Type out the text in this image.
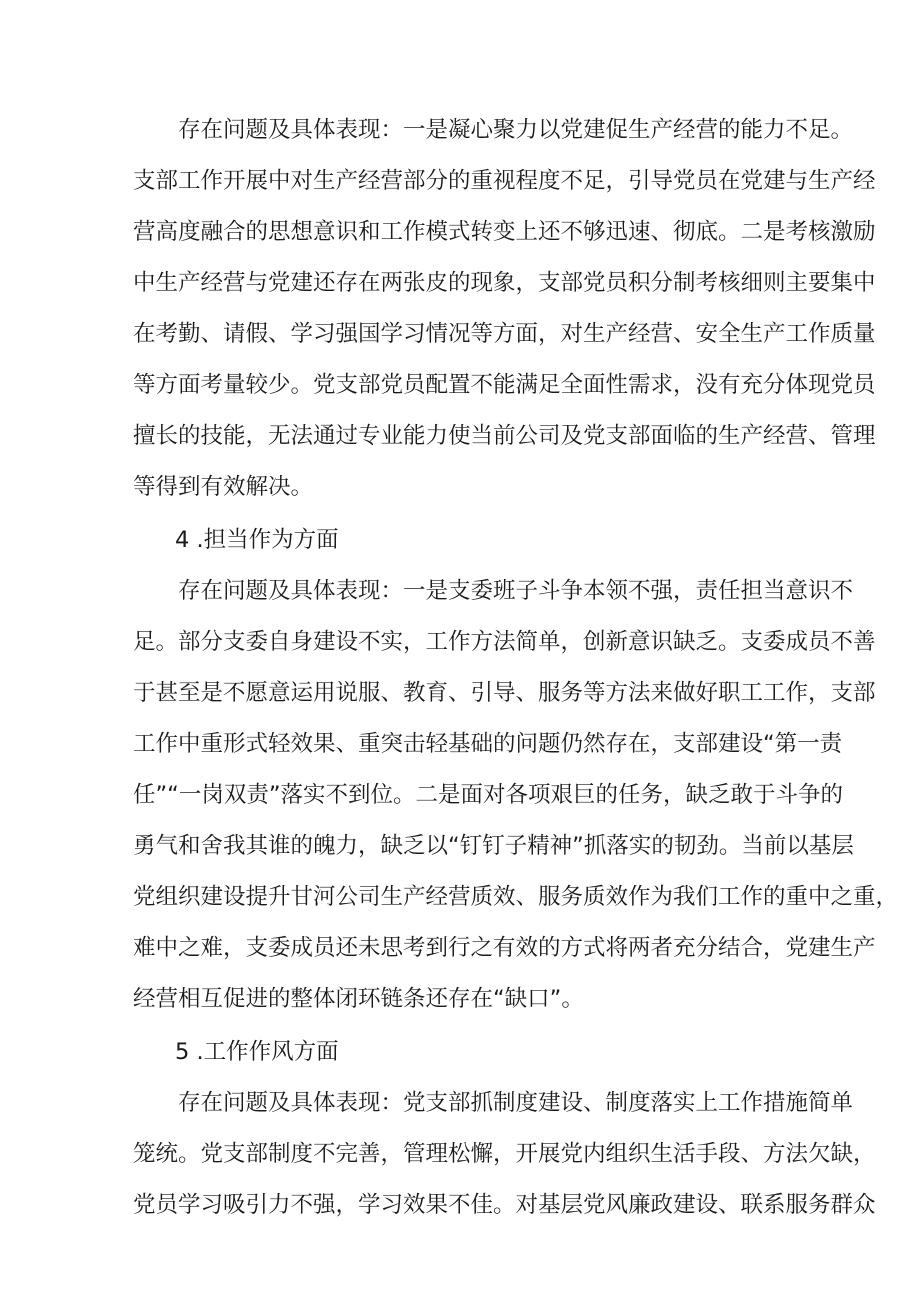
存在问题及具体表现：一是凝心聚力以党建促生产经营的能力不足。
支部工作开展中对生产经营部分的重视程度不足，引导党员在党建与生产经
营高度融合的思想意识和工作模式转变上还不够迅速、彻底。二是考核激励
中生产经营与党建还存在两张皮的现象，支部党员积分制考核细则主要集中
在考勤、请假、学习强国学习情况等方面，对生产经营、安全生产工作质量
等方面考量较少。党支部党员配置不能满足全面性需求，没有充分体现党员
擅长的技能，无法通过专业能力使当前公司及党支部面临的生产经营、管理
等得到有效解决。
4 .担当作为方面
存在问题及具体表现：一是支委班子斗争本领不强，责任担当意识不
足。部分支委自身建设不实，工作方法简单，创新意识缺乏。支委成员不善
于甚至是不愿意运用说服、教育、引导、服务等方法来做好职工工作，支部
工作中重形式轻效果、重突击轻基础的问题仍然存在，支部建设“第一责
任”“一岗双责”落实不到位。二是面对各项艰巨的任务，缺乏敢于斗争的
勇气和舍我其谁的魄力，缺乏以“钉钉子精神”抓落实的韧劲。当前以基层
党组织建设提升甘河公司生产经营质效、服务质效作为我们工作的重中之重，
难中之难，支委成员还未思考到行之有效的方式将两者充分结合，党建生产
经营相互促进的整体闭环链条还存在“缺口”。
5 .工作作风方面
存在问题及具体表现：党支部抓制度建设、制度落实上工作措施简单
笼统。党支部制度不完善，管理松懈，开展党内组织生活手段、方法欠缺，
党员学习吸引力不强，学习效果不佳。对基层党风廉政建设、联系服务群众
